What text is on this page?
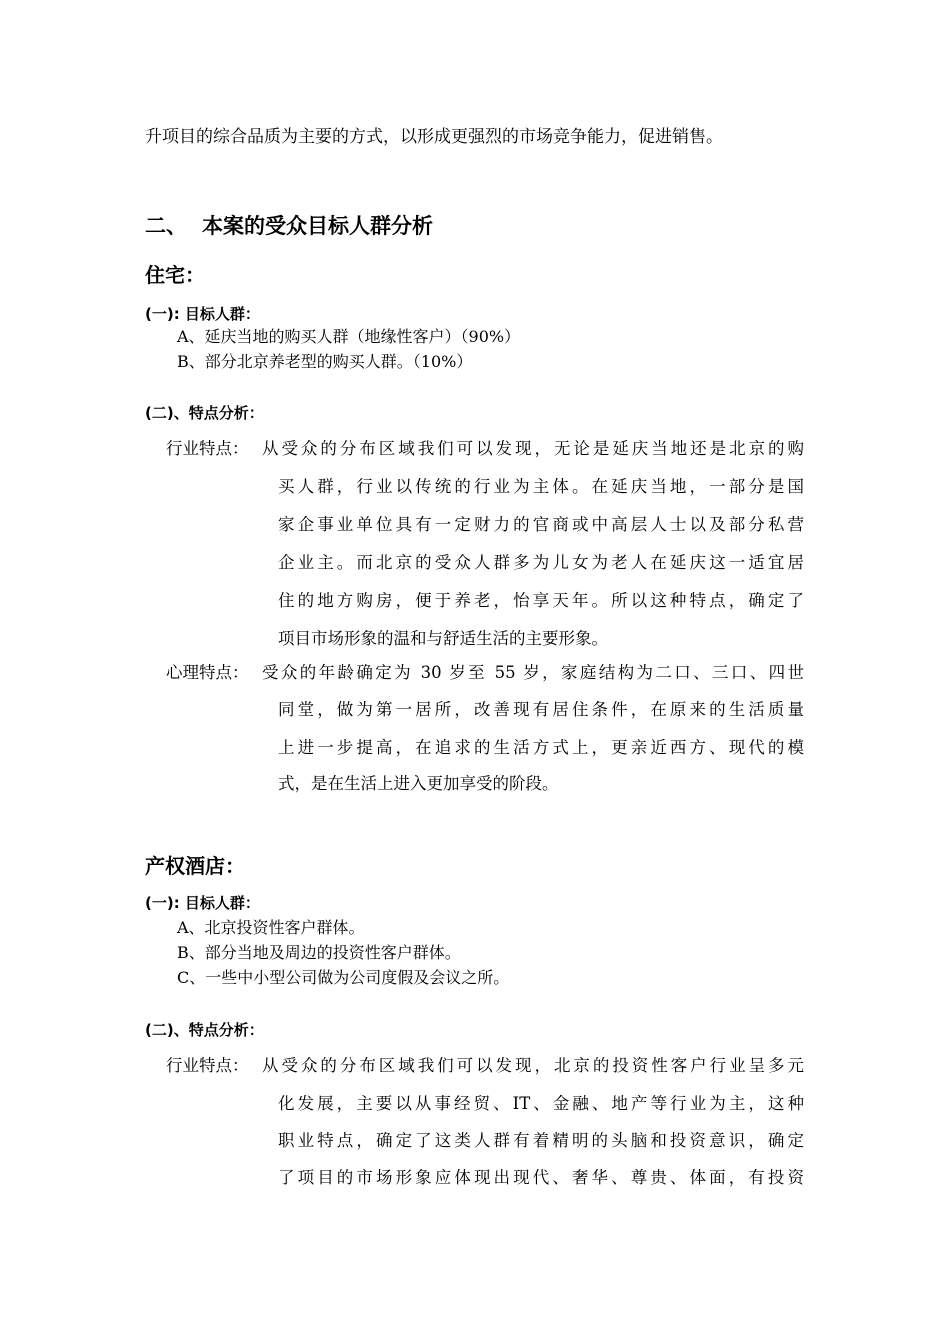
升项目的综合品质为主要的方式，以形成更强烈的市场竞争能力，促进销售。
二、 本案的受众目标人群分析
住宅：
(一): 目标人群：
A、延庆当地的购买人群（地缘性客户）（90%）
B、部分北京养老型的购买人群。（10%）
(二)、特点分析：
行业特点： 从受众的分布区域我们可以发现，无论是延庆当地还是北京的购
买人群，行业以传统的行业为主体。在延庆当地，一部分是国
家企事业单位具有一定财力的官商或中高层人士以及部分私营
企业主。而北京的受众人群多为儿女为老人在延庆这一适宜居
住的地方购房，便于养老，怡享天年。所以这种特点，确定了
项目市场形象的温和与舒适生活的主要形象。
心理特点： 受众的年龄确定为 30 岁至 55 岁，家庭结构为二口、三口、四世
同堂，做为第一居所，改善现有居住条件，在原来的生活质量
上进一步提高，在追求的生活方式上，更亲近西方、现代的模
式，是在生活上进入更加享受的阶段。
产权酒店：
(一): 目标人群：
A、北京投资性客户群体。
B、部分当地及周边的投资性客户群体。
C、一些中小型公司做为公司度假及会议之所。
(二)、特点分析：
行业特点： 从受众的分布区域我们可以发现，北京的投资性客户行业呈多元
化发展，主要以从事经贸、IT、金融、地产等行业为主，这种
职业特点，确定了这类人群有着精明的头脑和投资意识，确定
了项目的市场形象应体现出现代、奢华、尊贵、体面，有投资
